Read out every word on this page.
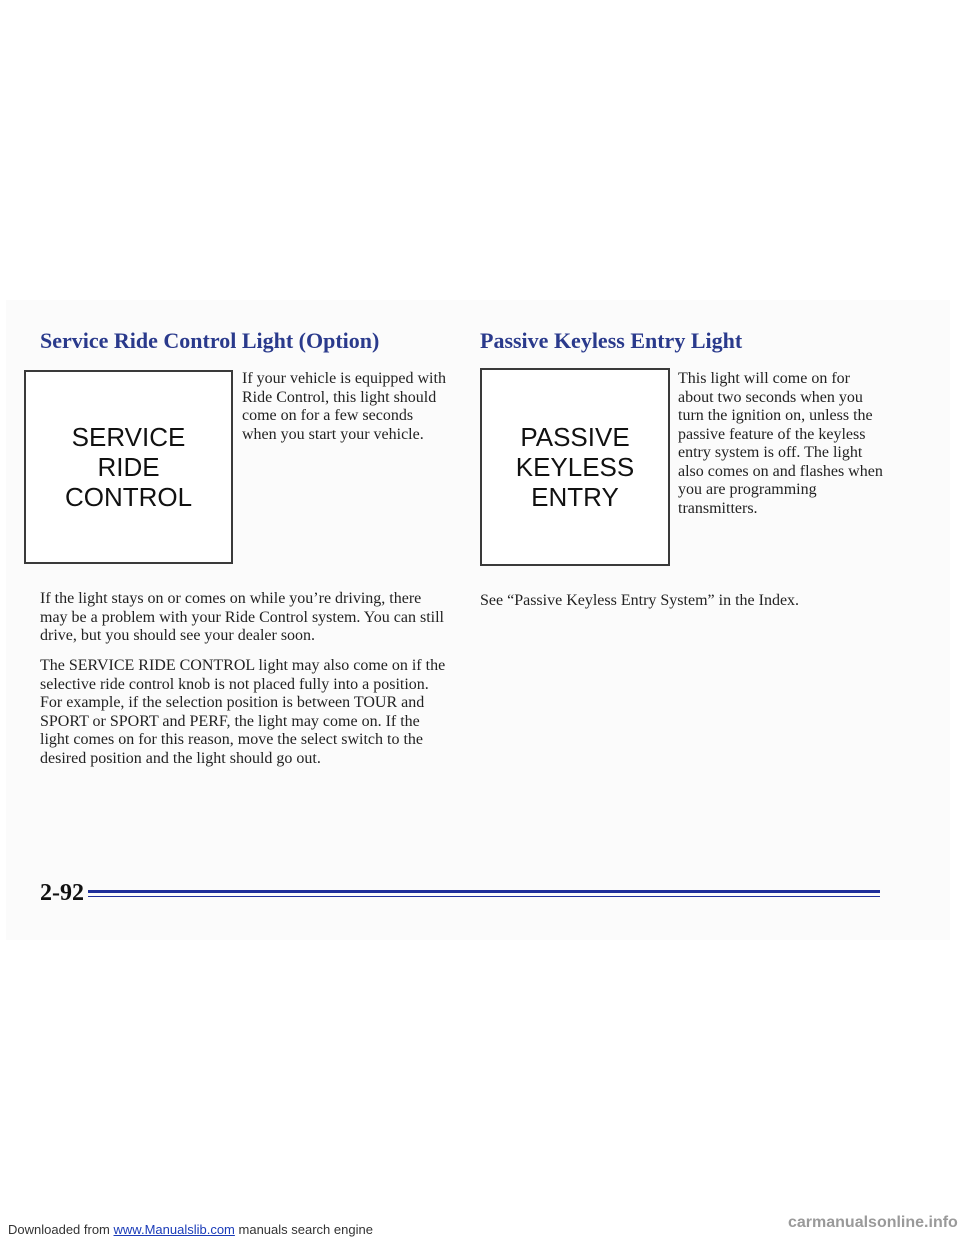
Service Ride Control Light (Option)
SERVICE
RIDE
CONTROL

If your vehicle is equipped with Ride Control, this light should come on for a few seconds when you start your vehicle.

If the light stays on or comes on while you’re driving, there may be a problem with your Ride Control system. You can still drive, but you should see your dealer soon.

The SERVICE RIDE CONTROL light may also come on if the selective ride control knob is not placed fully into a position. For example, if the selection position is between TOUR and SPORT or SPORT and PERF, the light may come on. If the light comes on for this reason, move the select switch to the desired position and the light should go out.

Passive Keyless Entry Light
PASSIVE
KEYLESS
ENTRY

This light will come on for about two seconds when you turn the ignition on, unless the passive feature of the keyless entry system is off. The light also comes on and flashes when you are programming transmitters.

See “Passive Keyless Entry System” in the Index.

2-92
Downloaded from www.Manualslib.com manuals search engine	carmanualsonline.info
